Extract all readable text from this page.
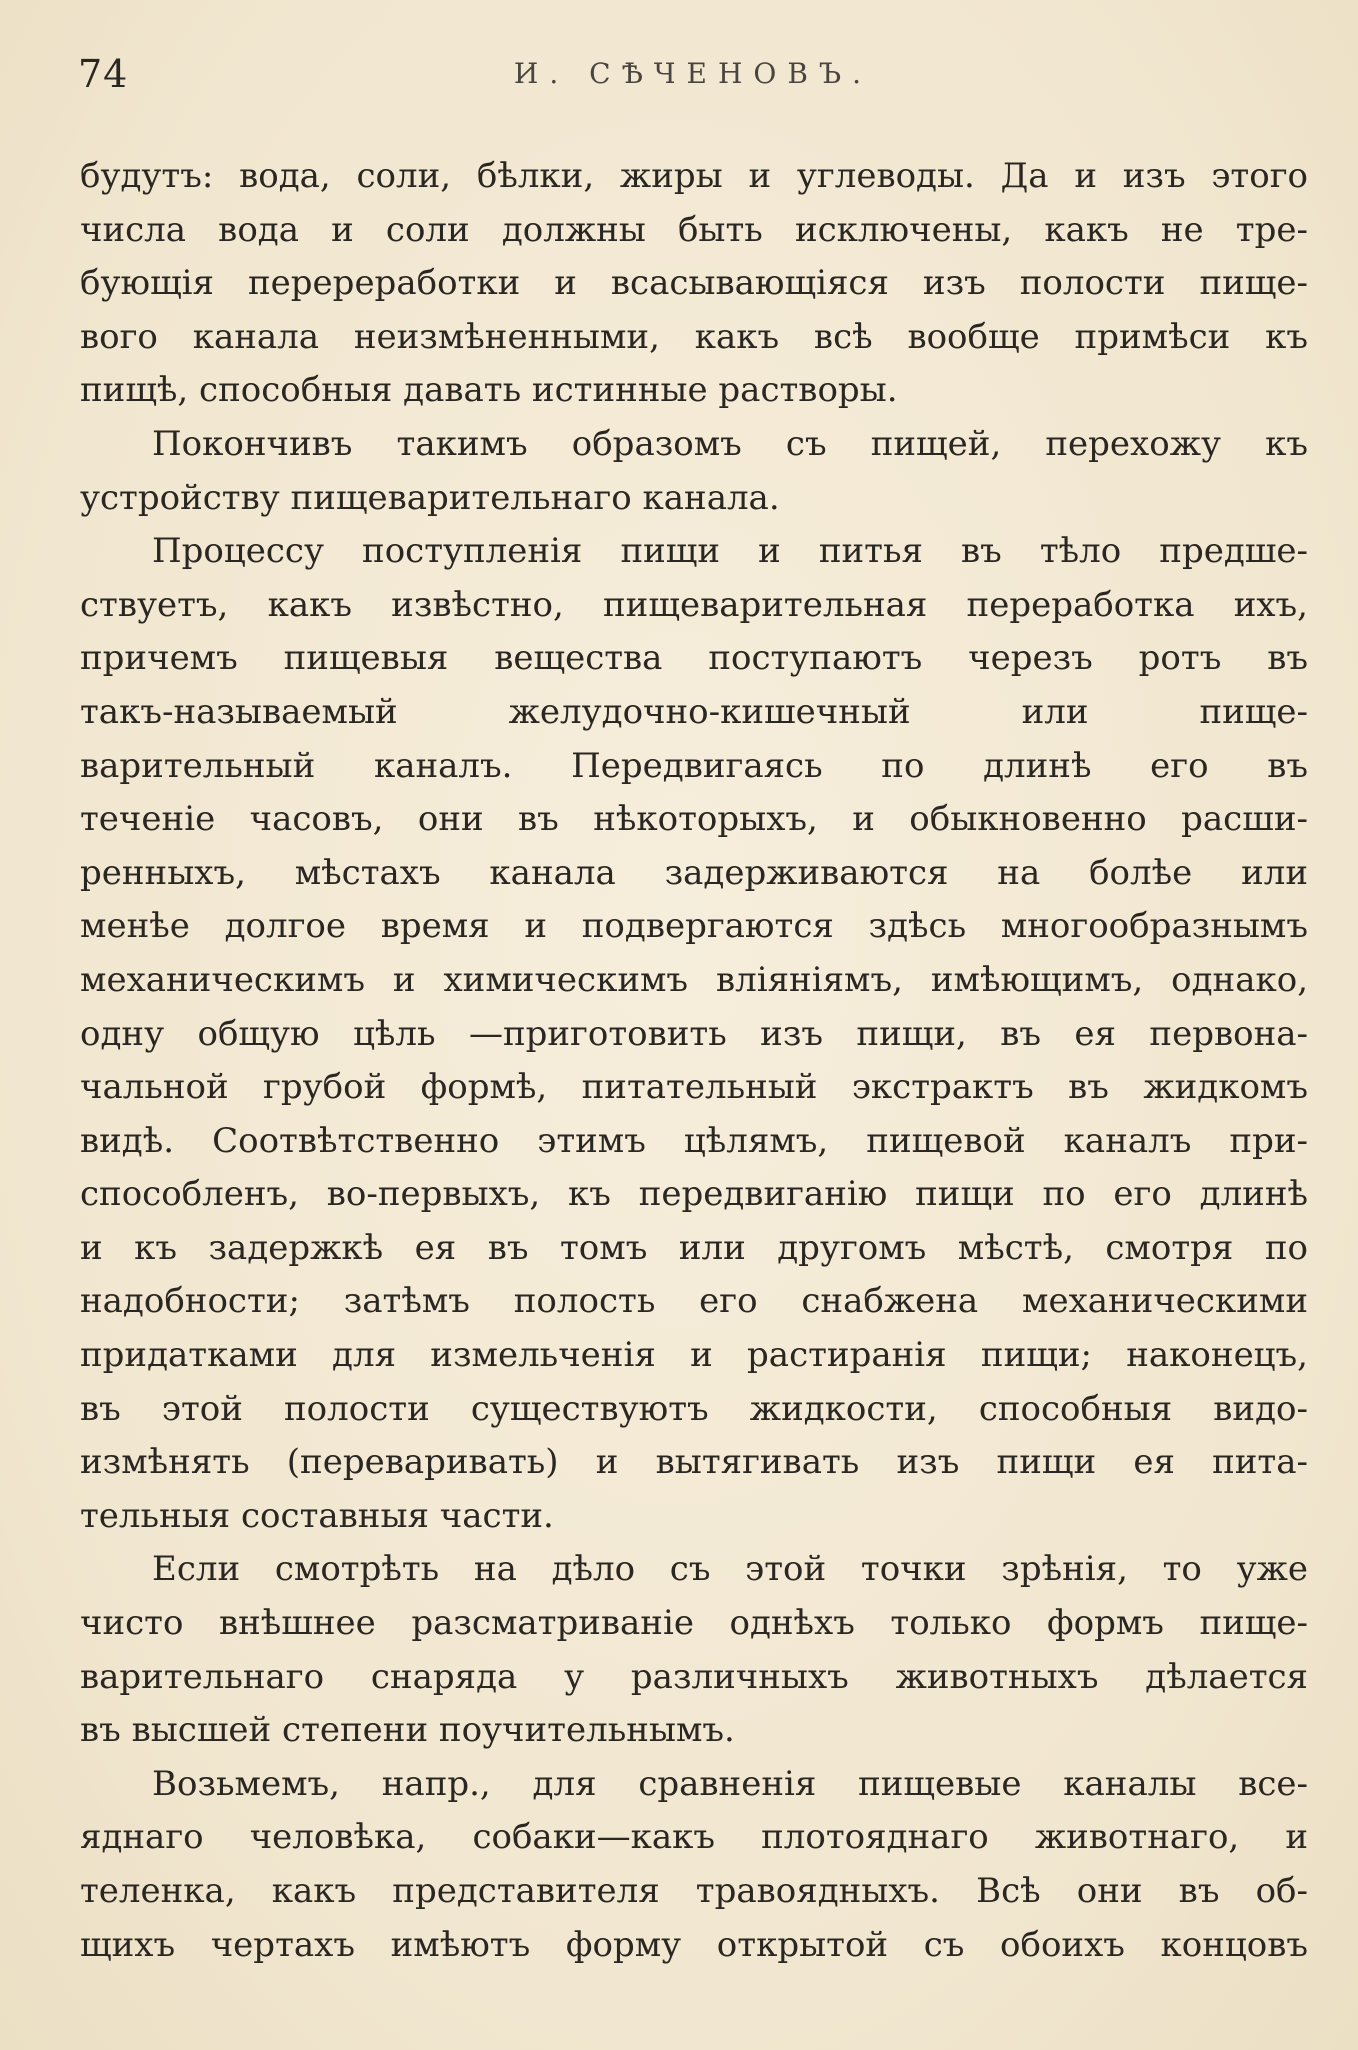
74	И. СѢЧЕНОВЪ.
будутъ: вода, соли, бѣлки, жиры и углеводы. Да и изъ этого
числа вода и соли должны быть исключены, какъ не тре-
бующія перереработки и всасывающіяся изъ полости пище-
вого канала неизмѣненными, какъ всѣ вообще примѣси къ
пищѣ, способныя давать истинные растворы.
Покончивъ такимъ образомъ съ пищей, перехожу къ
устройству пищеварительнаго канала.
Процессу поступленія пищи и питья въ тѣло предше-
ствуетъ, какъ извѣстно, пищеварительная переработка ихъ,
причемъ пищевыя вещества поступаютъ черезъ ротъ въ
такъ-называемый желудочно-кишечный или пище-
варительный каналъ. Передвигаясь по длинѣ его въ
теченіе часовъ, они въ нѣкоторыхъ, и обыкновенно расши-
ренныхъ, мѣстахъ канала задерживаются на болѣе или
менѣе долгое время и подвергаются здѣсь многообразнымъ
механическимъ и химическимъ вліяніямъ, имѣющимъ, однако,
одну общую цѣль —приготовить изъ пищи, въ ея первона-
чальной грубой формѣ, питательный экстрактъ въ жидкомъ
видѣ. Соотвѣтственно этимъ цѣлямъ, пищевой каналъ при-
способленъ, во-первыхъ, къ передвиганію пищи по его длинѣ
и къ задержкѣ ея въ томъ или другомъ мѣстѣ, смотря по
надобности; затѣмъ полость его снабжена механическими
придатками для измельченія и растиранія пищи; наконецъ,
въ этой полости существуютъ жидкости, способныя видо-
измѣнять (переваривать) и вытягивать изъ пищи ея пита-
тельныя составныя части.
Если смотрѣть на дѣло съ этой точки зрѣнія, то уже
чисто внѣшнее разсматриваніе однѣхъ только формъ пище-
варительнаго снаряда у различныхъ животныхъ дѣлается
въ высшей степени поучительнымъ.
Возьмемъ, напр., для сравненія пищевые каналы все-
яднаго человѣка, собаки—какъ плотояднаго животнаго, и
теленка, какъ представителя травоядныхъ. Всѣ они въ об-
щихъ чертахъ имѣютъ форму открытой съ обоихъ концовъ
